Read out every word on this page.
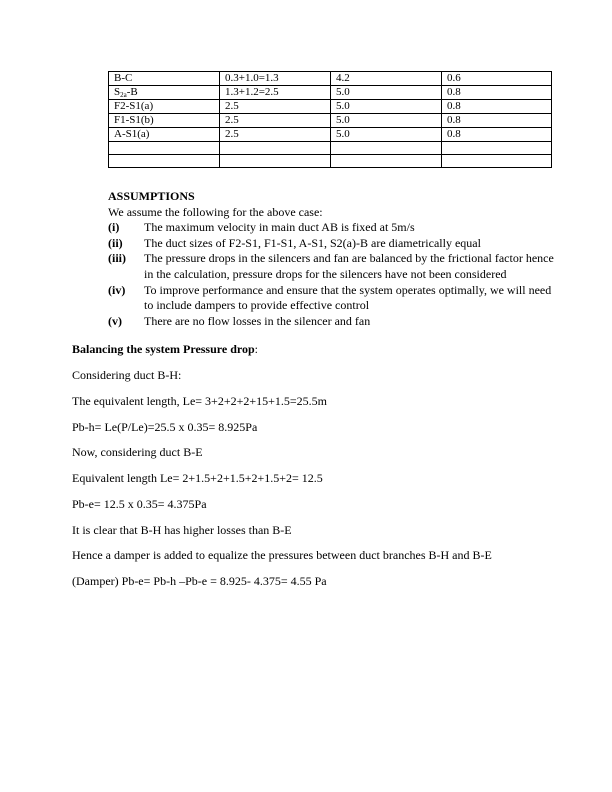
B-C	0.3+1.0=1.3	4.2	0.6
$S_{2a}-B$	1.3+1.2=2.5	5.0	0.8
F2-S1(a)	2.5	5.0	0.8
F1-S1(b)	2.5	5.0	0.8
A-S1(a)	2.5	5.0	0.8

ASSUMPTIONS
We assume the following for the above case:
(i) The maximum velocity in main duct AB is fixed at 5m/s
(ii) The duct sizes of F2-S1, F1-S1, A-S1, S2(a)-B are diametrically equal
(iii) The pressure drops in the silencers and fan are balanced by the frictional factor hence in the calculation, pressure drops for the silencers have not been considered
(iv) To improve performance and ensure that the system operates optimally, we will need to include dampers to provide effective control
(v) There are no flow losses in the silencer and fan
Balancing the system Pressure drop:
Considering duct B-H:
The equivalent length, Le= 3+2+2+2+15+1.5=25.5m
Pb-h= Le(P/Le)=25.5 x 0.35= 8.925Pa
Now, considering duct B-E
Equivalent length Le= 2+1.5+2+1.5+2+1.5+2= 12.5
Pb-e= 12.5 x 0.35= 4.375Pa
It is clear that B-H has higher losses than B-E
Hence a damper is added to equalize the pressures between duct branches B-H and B-E
(Damper) Pb-e= Pb-h –Pb-e = 8.925- 4.375= 4.55 Pa
